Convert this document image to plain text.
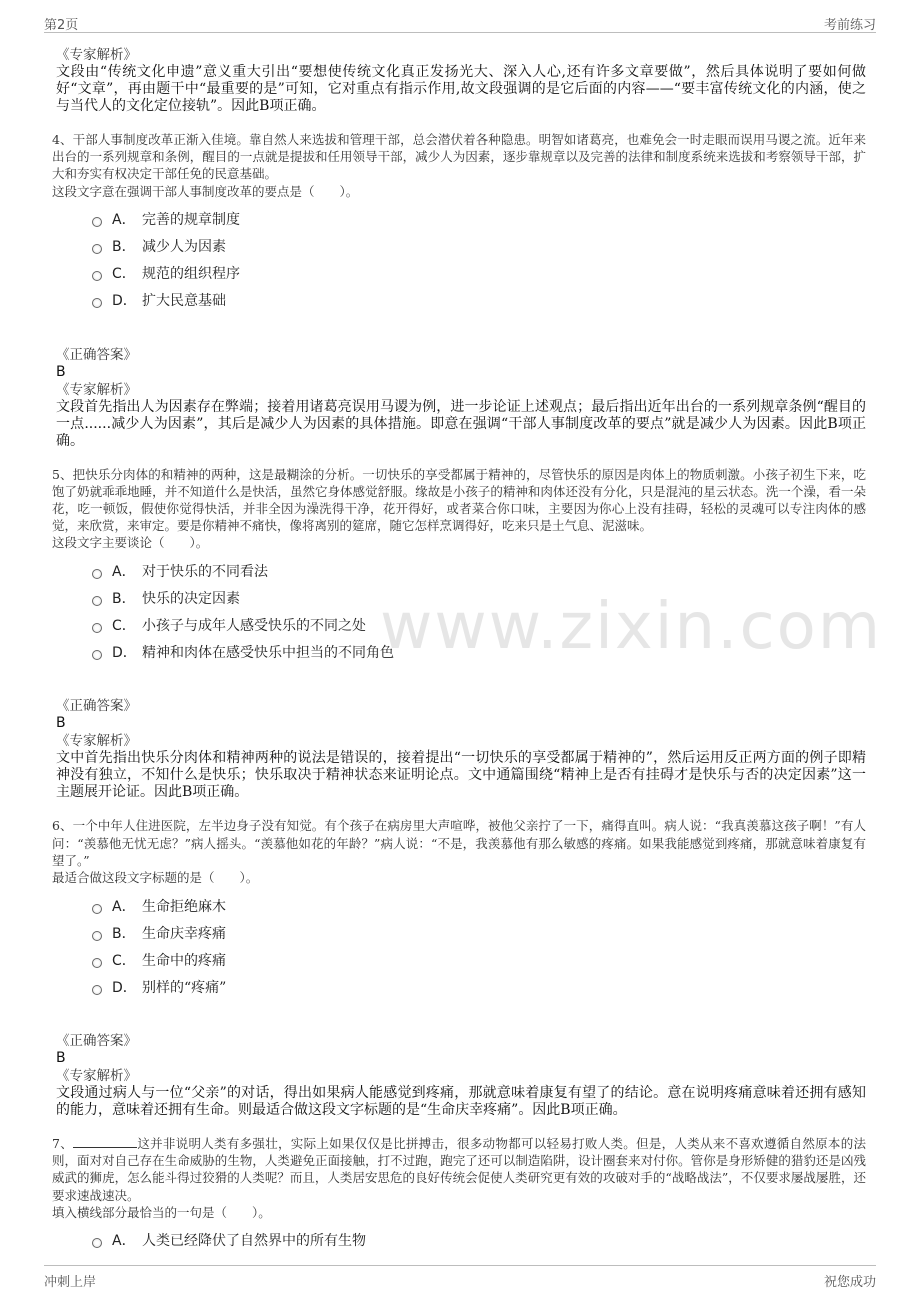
第2页	考前练习
www.zixin.com
《专家解析》
文段由“传统文化申遗”意义重大引出“要想使传统文化真正发扬光大、深入人心,还有许多文章要做”，然后具体说明了要如何做好“文章”，再由题干中“最重要的是”可知，它对重点有指示作用,故文段强调的是它后面的内容——“要丰富传统文化的内涵，使之与当代人的文化定位接轨”。因此B项正确。
4、干部人事制度改革正渐入佳境。靠自然人来选拔和管理干部，总会潜伏着各种隐患。明智如诸葛亮，也难免会一时走眼而误用马谡之流。近年来出台的一系列规章和条例，醒目的一点就是提拔和任用领导干部，减少人为因素，逐步靠规章以及完善的法律和制度系统来选拔和考察领导干部，扩大和夯实有权决定干部任免的民意基础。
这段文字意在强调干部人事制度改革的要点是（　　）。
A． 完善的规章制度
B． 减少人为因素
C． 规范的组织程序
D． 扩大民意基础
《正确答案》
B
《专家解析》
文段首先指出人为因素存在弊端；接着用诸葛亮误用马谡为例，进一步论证上述观点；最后指出近年出台的一系列规章条例“醒目的一点......减少人为因素”，其后是减少人为因素的具体措施。即意在强调“干部人事制度改革的要点”就是减少人为因素。因此B项正确。
5、把快乐分肉体的和精神的两种，这是最糊涂的分析。一切快乐的享受都属于精神的，尽管快乐的原因是肉体上的物质刺激。小孩子初生下来，吃饱了奶就乖乖地睡，并不知道什么是快活，虽然它身体感觉舒服。缘故是小孩子的精神和肉体还没有分化，只是混沌的星云状态。洗一个澡，看一朵花，吃一顿饭，假使你觉得快活，并非全因为澡洗得干净，花开得好，或者菜合你口味，主要因为你心上没有挂碍，轻松的灵魂可以专注肉体的感觉，来欣赏，来审定。要是你精神不痛快，像将离别的筵席，随它怎样烹调得好，吃来只是土气息、泥滋味。
这段文字主要谈论（　　）。
A． 对于快乐的不同看法
B． 快乐的决定因素
C． 小孩子与成年人感受快乐的不同之处
D． 精神和肉体在感受快乐中担当的不同角色
《正确答案》
B
《专家解析》
文中首先指出快乐分肉体和精神两种的说法是错误的，接着提出“一切快乐的享受都属于精神的”，然后运用反正两方面的例子即精神没有独立，不知什么是快乐；快乐取决于精神状态来证明论点。文中通篇围绕“精神上是否有挂碍才是快乐与否的决定因素”这一主题展开论证。因此B项正确。
6、一个中年人住进医院，左半边身子没有知觉。有个孩子在病房里大声喧哗，被他父亲拧了一下，痛得直叫。病人说：“我真羡慕这孩子啊！”有人问：“羡慕他无忧无虑？”病人摇头。“羡慕他如花的年龄？”病人说：“不是，我羡慕他有那么敏感的疼痛。如果我能感觉到疼痛，那就意味着康复有望了。”
最适合做这段文字标题的是（　　）。
A． 生命拒绝麻木
B． 生命庆幸疼痛
C． 生命中的疼痛
D． 别样的“疼痛”
《正确答案》
B
《专家解析》
文段通过病人与一位“父亲”的对话，得出如果病人能感觉到疼痛，那就意味着康复有望了的结论。意在说明疼痛意味着还拥有感知的能力，意味着还拥有生命。则最适合做这段文字标题的是“生命庆幸疼痛”。因此B项正确。
7、	这并非说明人类有多强壮，实际上如果仅仅是比拼搏击，很多动物都可以轻易打败人类。但是，人类从来不喜欢遵循自然原本的法则，面对对自己存在生命威胁的生物，人类避免正面接触，打不过跑，跑完了还可以制造陷阱，设计圈套来对付你。管你是身形矫健的猎豹还是凶残威武的狮虎，怎么能斗得过狡猾的人类呢？而且，人类居安思危的良好传统会促使人类研究更有效的攻破对手的“战略战法”，不仅要求屡战屡胜，还要求速战速决。
填入横线部分最恰当的一句是（　　）。
A． 人类已经降伏了自然界中的所有生物
冲刺上岸	祝您成功
